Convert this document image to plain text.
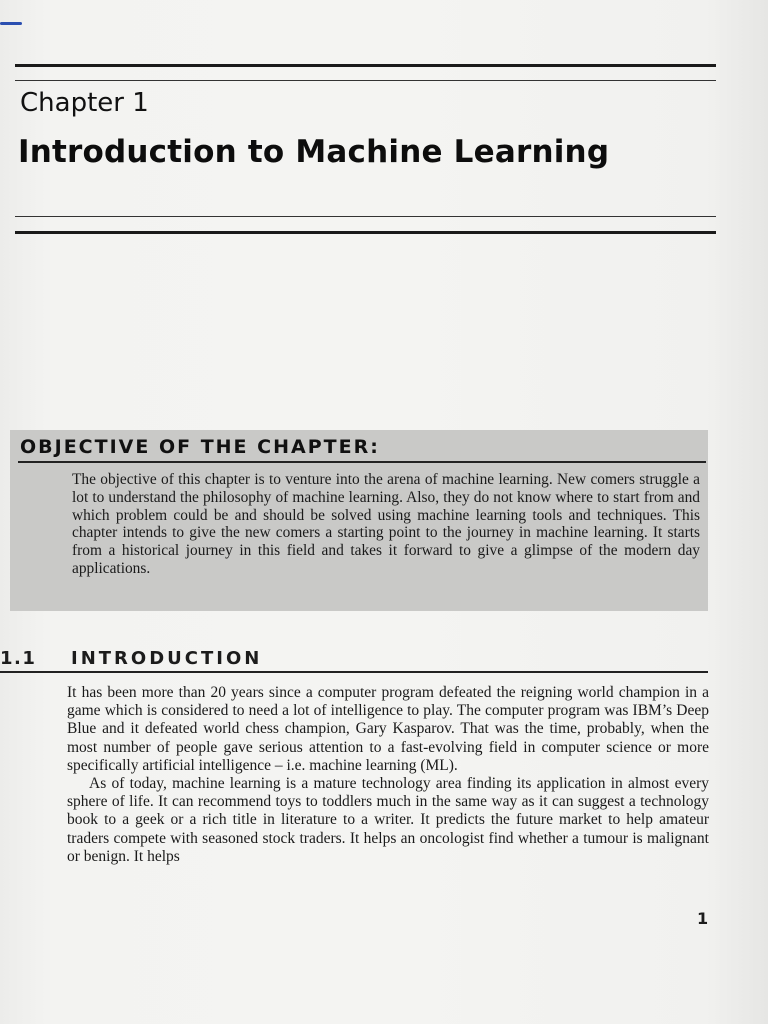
Chapter 1
Introduction to Machine Learning
OBJECTIVE OF THE CHAPTER:
The objective of this chapter is to venture into the arena of machine learning. New comers struggle a lot to understand the philosophy of machine learning. Also, they do not know where to start from and which problem could be and should be solved using machine learning tools and techniques. This chapter intends to give the new comers a starting point to the journey in machine learning. It starts from a historical journey in this field and takes it forward to give a glimpse of the modern day applications.
1.1 INTRODUCTION

It has been more than 20 years since a computer program defeated the reigning world champion in a game which is considered to need a lot of intelligence to play. The computer program was IBM’s Deep Blue and it defeated world chess champion, Gary Kasparov. That was the time, probably, when the most number of people gave serious attention to a fast-evolving field in computer science or more specifically artificial intelligence – i.e. machine learning (ML).

As of today, machine learning is a mature technology area finding its application in almost every sphere of life. It can recommend toys to toddlers much in the same way as it can suggest a technology book to a geek or a rich title in literature to a writer. It predicts the future market to help amateur traders compete with seasoned stock traders. It helps an oncologist find whether a tumour is malignant or benign. It helps

1
